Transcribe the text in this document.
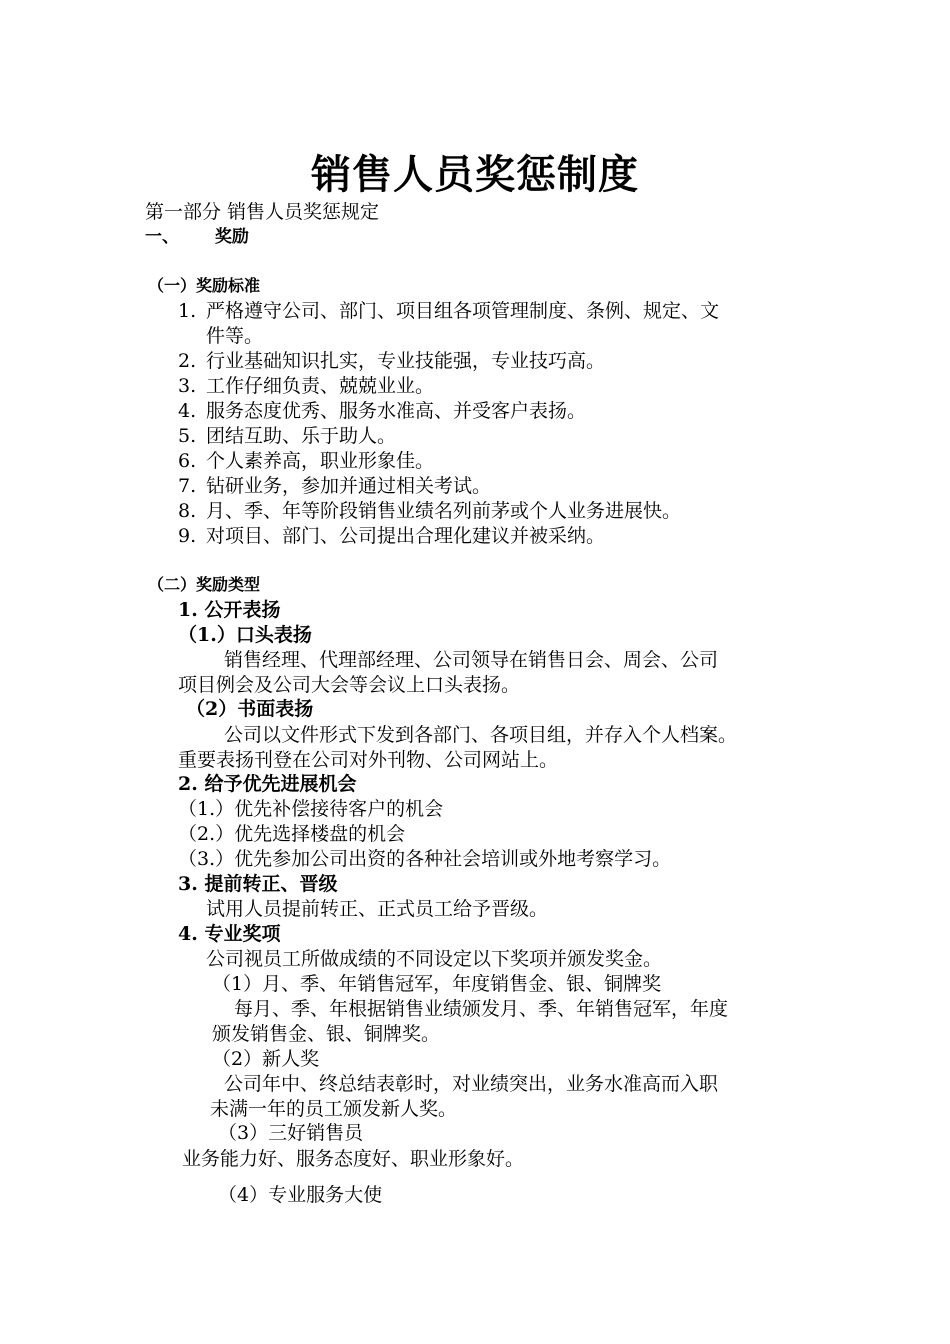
销售人员奖惩制度
第一部分 销售人员奖惩规定
一、 奖励
（一）奖励标准
1. 严格遵守公司、部门、项目组各项管理制度、条例、规定、文
件等。
2. 行业基础知识扎实，专业技能强，专业技巧高。
3. 工作仔细负责、兢兢业业。
4. 服务态度优秀、服务水准高、并受客户表扬。
5. 团结互助、乐于助人。
6. 个人素养高，职业形象佳。
7. 钻研业务，参加并通过相关考试。
8. 月、季、年等阶段销售业绩名列前茅或个人业务进展快。
9. 对项目、部门、公司提出合理化建议并被采纳。
（二）奖励类型
1. 公开表扬
（1.）口头表扬
销售经理、代理部经理、公司领导在销售日会、周会、公司
项目例会及公司大会等会议上口头表扬。
（2）书面表扬
公司以文件形式下发到各部门、各项目组，并存入个人档案。
重要表扬刊登在公司对外刊物、公司网站上。
2. 给予优先进展机会
（1.）优先补偿接待客户的机会
（2.）优先选择楼盘的机会
（3.）优先参加公司出资的各种社会培训或外地考察学习。
3. 提前转正、晋级
试用人员提前转正、正式员工给予晋级。
4. 专业奖项
公司视员工所做成绩的不同设定以下奖项并颁发奖金。
（1）月、季、年销售冠军，年度销售金、银、铜牌奖
每月、季、年根据销售业绩颁发月、季、年销售冠军，年度
颁发销售金、银、铜牌奖。
（2）新人奖
公司年中、终总结表彰时，对业绩突出，业务水准高而入职
未满一年的员工颁发新人奖。
（3）三好销售员
业务能力好、服务态度好、职业形象好。
（4）专业服务大使
